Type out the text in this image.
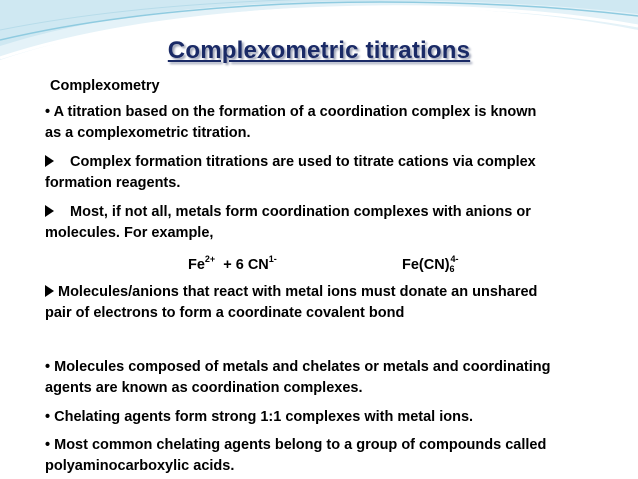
Complexometric titrations
Complexometry
• A titration based on the formation of a coordination complex is known
as a complexometric titration.
Complex formation titrations are used to titrate cations via complex
formation reagents.
Most, if not all, metals form coordination complexes with anions or
molecules. For example,
$Fe^{2+} + 6$ $CN^{1-}$	$Fe(CN)_6^{4-}$
Molecules/anions that react with metal ions must donate an unshared
pair of electrons to form a coordinate covalent bond
• Molecules composed of metals and chelates or metals and coordinating
agents are known as coordination complexes.
• Chelating agents form strong 1:1 complexes with metal ions.
• Most common chelating agents belong to a group of compounds called
polyaminocarboxylic acids.
